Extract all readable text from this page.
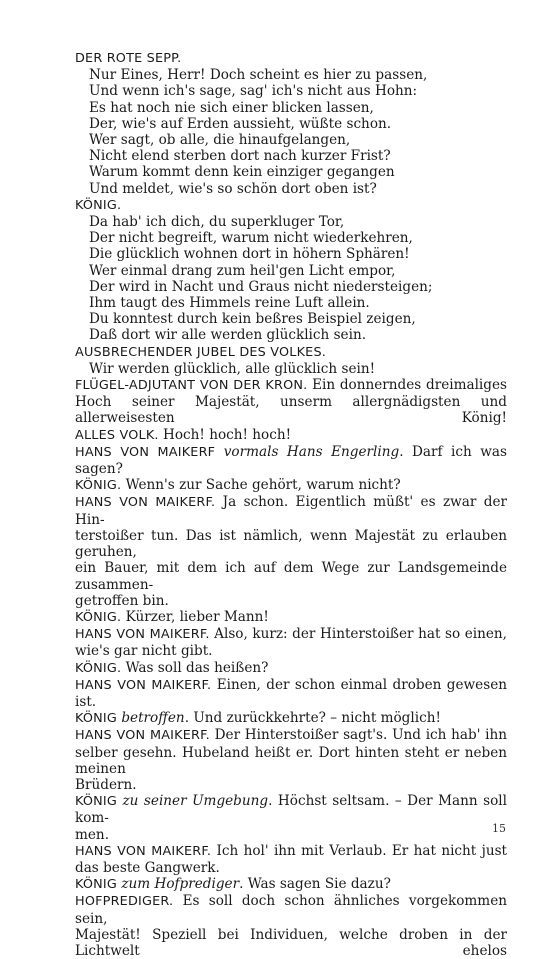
DER ROTE SEPP.
Nur Eines, Herr! Doch scheint es hier zu passen,
Und wenn ich's sage, sag' ich's nicht aus Hohn:
Es hat noch nie sich einer blicken lassen,
Der, wie's auf Erden aussieht, wüßte schon.
Wer sagt, ob alle, die hinaufgelangen,
Nicht elend sterben dort nach kurzer Frist?
Warum kommt denn kein einziger gegangen
Und meldet, wie's so schön dort oben ist?
KÖNIG.
Da hab' ich dich, du superkluger Tor,
Der nicht begreift, warum nicht wiederkehren,
Die glücklich wohnen dort in höhern Sphären!
Wer einmal drang zum heil'gen Licht empor,
Der wird in Nacht und Graus nicht niedersteigen;
Ihm taugt des Himmels reine Luft allein.
Du konntest durch kein beßres Beispiel zeigen,
Daß dort wir alle werden glücklich sein.
AUSBRECHENDER JUBEL DES VOLKES.
Wir werden glücklich, alle glücklich sein!
FLÜGEL-ADJUTANT VON DER KRON. Ein donnerndes dreimaliges
Hoch seiner Majestät, unserm allergnädigsten und allerweisesten König!
ALLES VOLK. Hoch! hoch! hoch!
HANS VON MAIKERF vormals Hans Engerling. Darf ich was sagen?
KÖNIG. Wenn's zur Sache gehört, warum nicht?
HANS VON MAIKERF. Ja schon. Eigentlich müßt' es zwar der Hin-
terstoißer tun. Das ist nämlich, wenn Majestät zu erlauben geruhen,
ein Bauer, mit dem ich auf dem Wege zur Landsgemeinde zusammen-
getroffen bin.
KÖNIG. Kürzer, lieber Mann!
HANS VON MAIKERF. Also, kurz: der Hinterstoißer hat so einen,
wie's gar nicht gibt.
KÖNIG. Was soll das heißen?
HANS VON MAIKERF. Einen, der schon einmal droben gewesen ist.
KÖNIG betroffen. Und zurückkehrte? – nicht möglich!
HANS VON MAIKERF. Der Hinterstoißer sagt's. Und ich hab' ihn
selber gesehn. Hubeland heißt er. Dort hinten steht er neben meinen
Brüdern.
KÖNIG zu seiner Umgebung. Höchst seltsam. – Der Mann soll kom-
men.
HANS VON MAIKERF. Ich hol' ihn mit Verlaub. Er hat nicht just
das beste Gangwerk.
KÖNIG zum Hofprediger. Was sagen Sie dazu?
HOFPREDIGER. Es soll doch schon ähnliches vorgekommen sein,
Majestät! Speziell bei Individuen, welche droben in der Lichtwelt ehelos
15
